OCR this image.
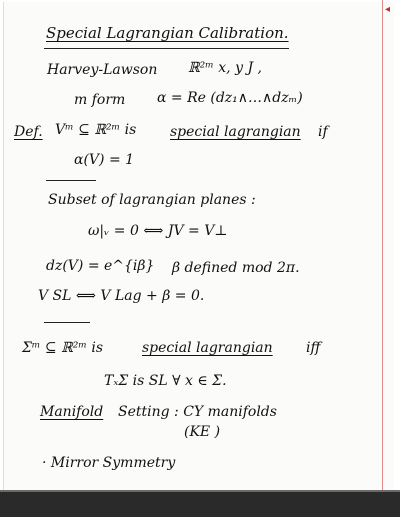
◂
Special Lagrangian Calibration.
Harvey-Lawson ℝ²ᵐ x, y J ,
m form α = Re (dz₁∧…∧dzₘ)
Def. Vᵐ ⊆ ℝ²ᵐ is special lagrangian if
α(V) = 1
Subset of lagrangian planes :
ω|ᵥ = 0 ⟺ JV = V⊥
dz(V) = e^{iβ} β defined mod 2π.
V SL ⟺ V Lag + β = 0.
Σᵐ ⊆ ℝ²ᵐ is	special lagrangian iff
TₓΣ is SL ∀ x ∈ Σ.
Manifold Setting : CY manifolds
(KE )
· Mirror Symmetry
